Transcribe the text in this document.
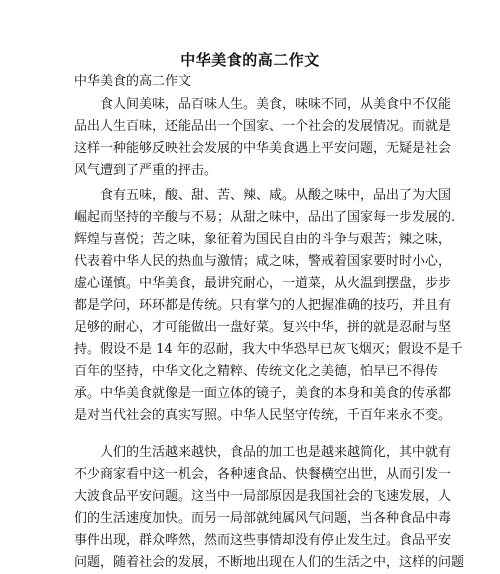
中华美食的高二作文
中华美食的高二作文
食人间美味，品百味人生。美食，味味不同，从美食中不仅能
品出人生百味，还能品出一个国家、一个社会的发展情况。而就是
这样一种能够反映社会发展的中华美食遇上平安问题，无疑是社会
风气遭到了严重的抨击。
食有五味，酸、甜、苦、辣、咸。从酸之味中，品出了为大国
崛起而坚持的辛酸与不易；从甜之味中，品出了国家每一步发展的.
辉煌与喜悦；苦之味，象征着为国民自由的斗争与艰苦；辣之味，
代表着中华人民的热血与激情；咸之味，警戒着国家要时时小心，
虚心谨慎。中华美食，最讲究耐心，一道菜，从火温到摆盘，步步
都是学问，环环都是传统。只有掌勺的人把握准确的技巧，并且有
足够的耐心，才可能做出一盘好菜。复兴中华，拼的就是忍耐与坚
持。假设不是 14 年的忍耐，我大中华恐早已灰飞烟灭；假设不是千
百年的坚持，中华文化之精粹、传统文化之美德，怕早已不得传
承。中华美食就像是一面立体的镜子，美食的本身和美食的传承都
是对当代社会的真实写照。中华人民坚守传统，千百年来永不变。
人们的生活越来越快，食品的加工也是越来越简化，其中就有
不少商家看中这一机会，各种速食品、快餐横空出世，从而引发一
大波食品平安问题。这当中一局部原因是我国社会的飞速发展，人
们的生活速度加快。而另一局部就纯属风气问题，当各种食品中毒
事件出现，群众哗然，然而这些事情却没有停止发生过。食品平安
问题，随着社会的发展，不断地出现在人们的生活之中，这样的问题
